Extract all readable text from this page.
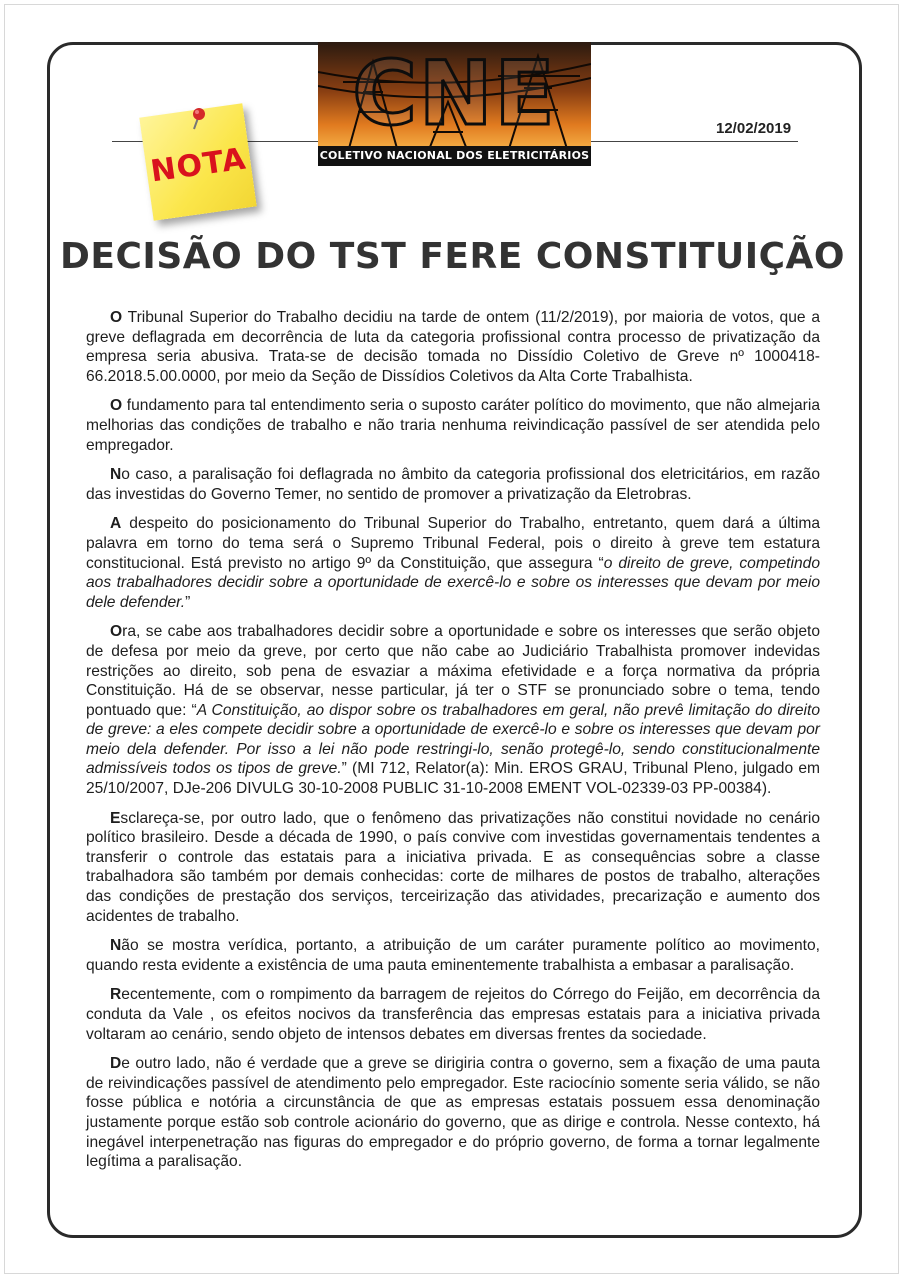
CNE
COLETIVO NACIONAL DOS ELETRICITÁRIOS
12/02/2019
NOTA
DECISÃO DO TST FERE CONSTITUIÇÃO

O Tribunal Superior do Trabalho decidiu na tarde de ontem (11/2/2019), por maioria de votos, que a greve deflagrada em decorrência de luta da categoria profissional contra processo de privatização da empresa seria abusiva. Trata-se de decisão tomada no Dissídio Coletivo de Greve nº 1000418-66.2018.5.00.0000, por meio da Seção de Dissídios Coletivos da Alta Corte Trabalhista.

O fundamento para tal entendimento seria o suposto caráter político do movimento, que não almejaria melhorias das condições de trabalho e não traria nenhuma reivindicação passível de ser atendida pelo empregador.

No caso, a paralisação foi deflagrada no âmbito da categoria profissional dos eletricitários, em razão das investidas do Governo Temer, no sentido de promover a privatização da Eletrobras.

A despeito do posicionamento do Tribunal Superior do Trabalho, entretanto, quem dará a última palavra em torno do tema será o Supremo Tribunal Federal, pois o direito à greve tem estatura constitucional. Está previsto no artigo 9º da Constituição, que assegura “o direito de greve, competindo aos trabalhadores decidir sobre a oportunidade de exercê-lo e sobre os interesses que devam por meio dele defender.”

Ora, se cabe aos trabalhadores decidir sobre a oportunidade e sobre os interesses que serão objeto de defesa por meio da greve, por certo que não cabe ao Judiciário Trabalhista promover indevidas restrições ao direito, sob pena de esvaziar a máxima efetividade e a força normativa da própria Constituição. Há de se observar, nesse particular, já ter o STF se pronunciado sobre o tema, tendo pontuado que: “A Constituição, ao dispor sobre os trabalhadores em geral, não prevê limitação do direito de greve: a eles compete decidir sobre a oportunidade de exercê-lo e sobre os interesses que devam por meio dela defender. Por isso a lei não pode restringi-lo, senão protegê-lo, sendo constitucionalmente admissíveis todos os tipos de greve.” (MI 712, Relator(a): Min. EROS GRAU, Tribunal Pleno, julgado em 25/10/2007, DJe-206 DIVULG 30-10-2008 PUBLIC 31-10-2008 EMENT VOL-02339-03 PP-00384).

Esclareça-se, por outro lado, que o fenômeno das privatizações não constitui novidade no cenário político brasileiro. Desde a década de 1990, o país convive com investidas governamentais tendentes a transferir o controle das estatais para a iniciativa privada. E as consequências sobre a classe trabalhadora são também por demais conhecidas: corte de milhares de postos de trabalho, alterações das condições de prestação dos serviços, terceirização das atividades, precarização e aumento dos acidentes de trabalho.

Não se mostra verídica, portanto, a atribuição de um caráter puramente político ao movimento, quando resta evidente a existência de uma pauta eminentemente trabalhista a embasar a paralisação.

Recentemente, com o rompimento da barragem de rejeitos do Córrego do Feijão, em decorrência da conduta da Vale , os efeitos nocivos da transferência das empresas estatais para a iniciativa privada voltaram ao cenário, sendo objeto de intensos debates em diversas frentes da sociedade.

De outro lado, não é verdade que a greve se dirigiria contra o governo, sem a fixação de uma pauta de reivindicações passível de atendimento pelo empregador. Este raciocínio somente seria válido, se não fosse pública e notória a circunstância de que as empresas estatais possuem essa denominação justamente porque estão sob controle acionário do governo, que as dirige e controla. Nesse contexto, há inegável interpenetração nas figuras do empregador e do próprio governo, de forma a tornar legalmente legítima a paralisação.
